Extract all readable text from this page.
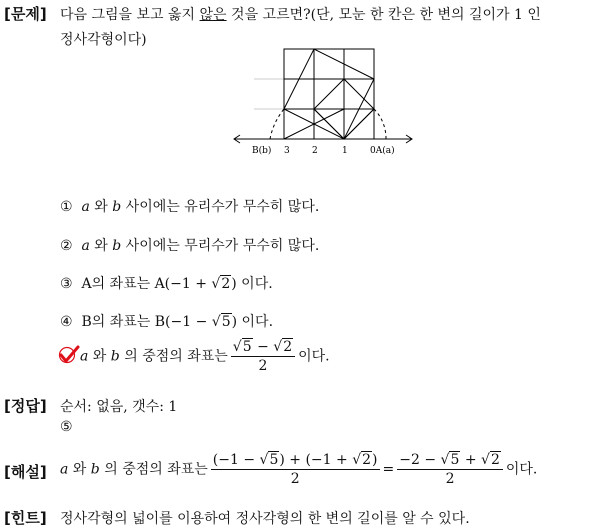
[문제] 다음 그림을 보고 옳지 않은 것을 고르면?(단, 모눈 한 칸은 한 변의 길이가 1 인
정사각형이다)
B(b) 3 2	1 0A(a)
① a 와 b 사이에는 유리수가 무수히 많다.
② a 와 b 사이에는 무리수가 무수히 많다.
③ A의 좌표는 A(−1 + √2) 이다.
④ B의 좌표는 B(−1 − √5) 이다.
a 와 b 의 중점의 좌표는 $\frac{√5 - √2}{2}$ 이다.
[정답] 순서: 없음, 갯수: 1
⑤
[해설] a 와 b 의 중점의 좌표는 $\frac{(-1 - √5) + (-1 + √2)}{2} = \frac{-2 - √5 + √2}{2}$ 이다.
[힌트] 정사각형의 넓이를 이용하여 정사각형의 한 변의 길이를 알 수 있다.
